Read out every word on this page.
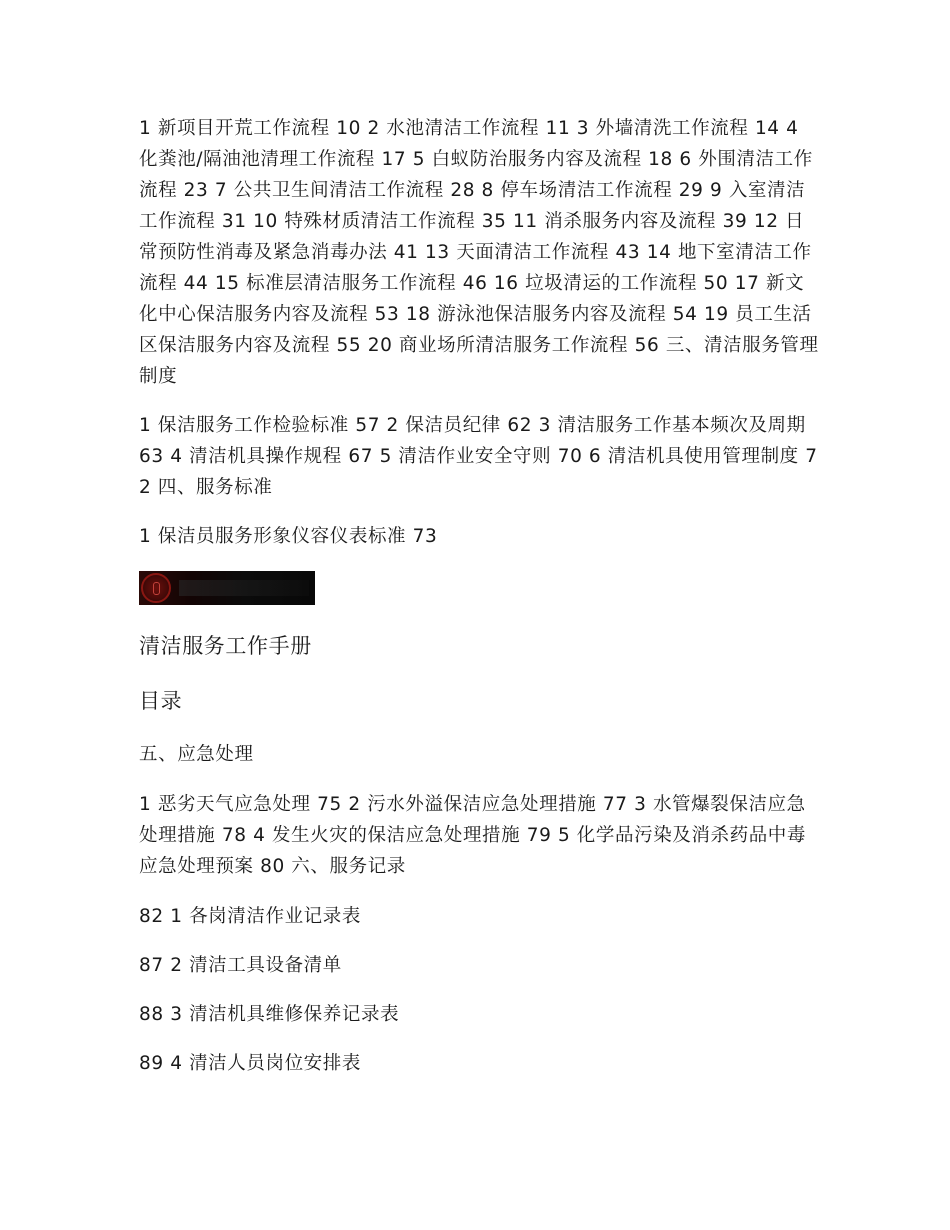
1 新项目开荒工作流程 10 2 水池清洁工作流程 11 3 外墙清洗工作流程 14 4 化粪池/隔油池清理工作流程 17 5 白蚁防治服务内容及流程 18 6 外围清洁工作流程 23 7 公共卫生间清洁工作流程 28 8 停车场清洁工作流程 29 9 入室清洁工作流程 31 10 特殊材质清洁工作流程 35 11 消杀服务内容及流程 39 12 日常预防性消毒及紧急消毒办法 41 13 天面清洁工作流程 43 14 地下室清洁工作流程 44 15 标准层清洁服务工作流程 46 16 垃圾清运的工作流程 50 17 新文化中心保洁服务内容及流程 53 18 游泳池保洁服务内容及流程 54 19 员工生活区保洁服务内容及流程 55 20 商业场所清洁服务工作流程 56 三、清洁服务管理制度

1 保洁服务工作检验标准 57 2 保洁员纪律 62 3 清洁服务工作基本频次及周期 63 4 清洁机具操作规程 67 5 清洁作业安全守则 70 6 清洁机具使用管理制度 72 四、服务标准

1 保洁员服务形象仪容仪表标准 73

清洁服务工作手册

目录

五、应急处理

1 恶劣天气应急处理 75 2 污水外溢保洁应急处理措施 77 3 水管爆裂保洁应急处理措施 78 4 发生火灾的保洁应急处理措施 79 5 化学品污染及消杀药品中毒应急处理预案 80 六、服务记录

82 1 各岗清洁作业记录表

87 2 清洁工具设备清单

88 3 清洁机具维修保养记录表

89 4 清洁人员岗位安排表
